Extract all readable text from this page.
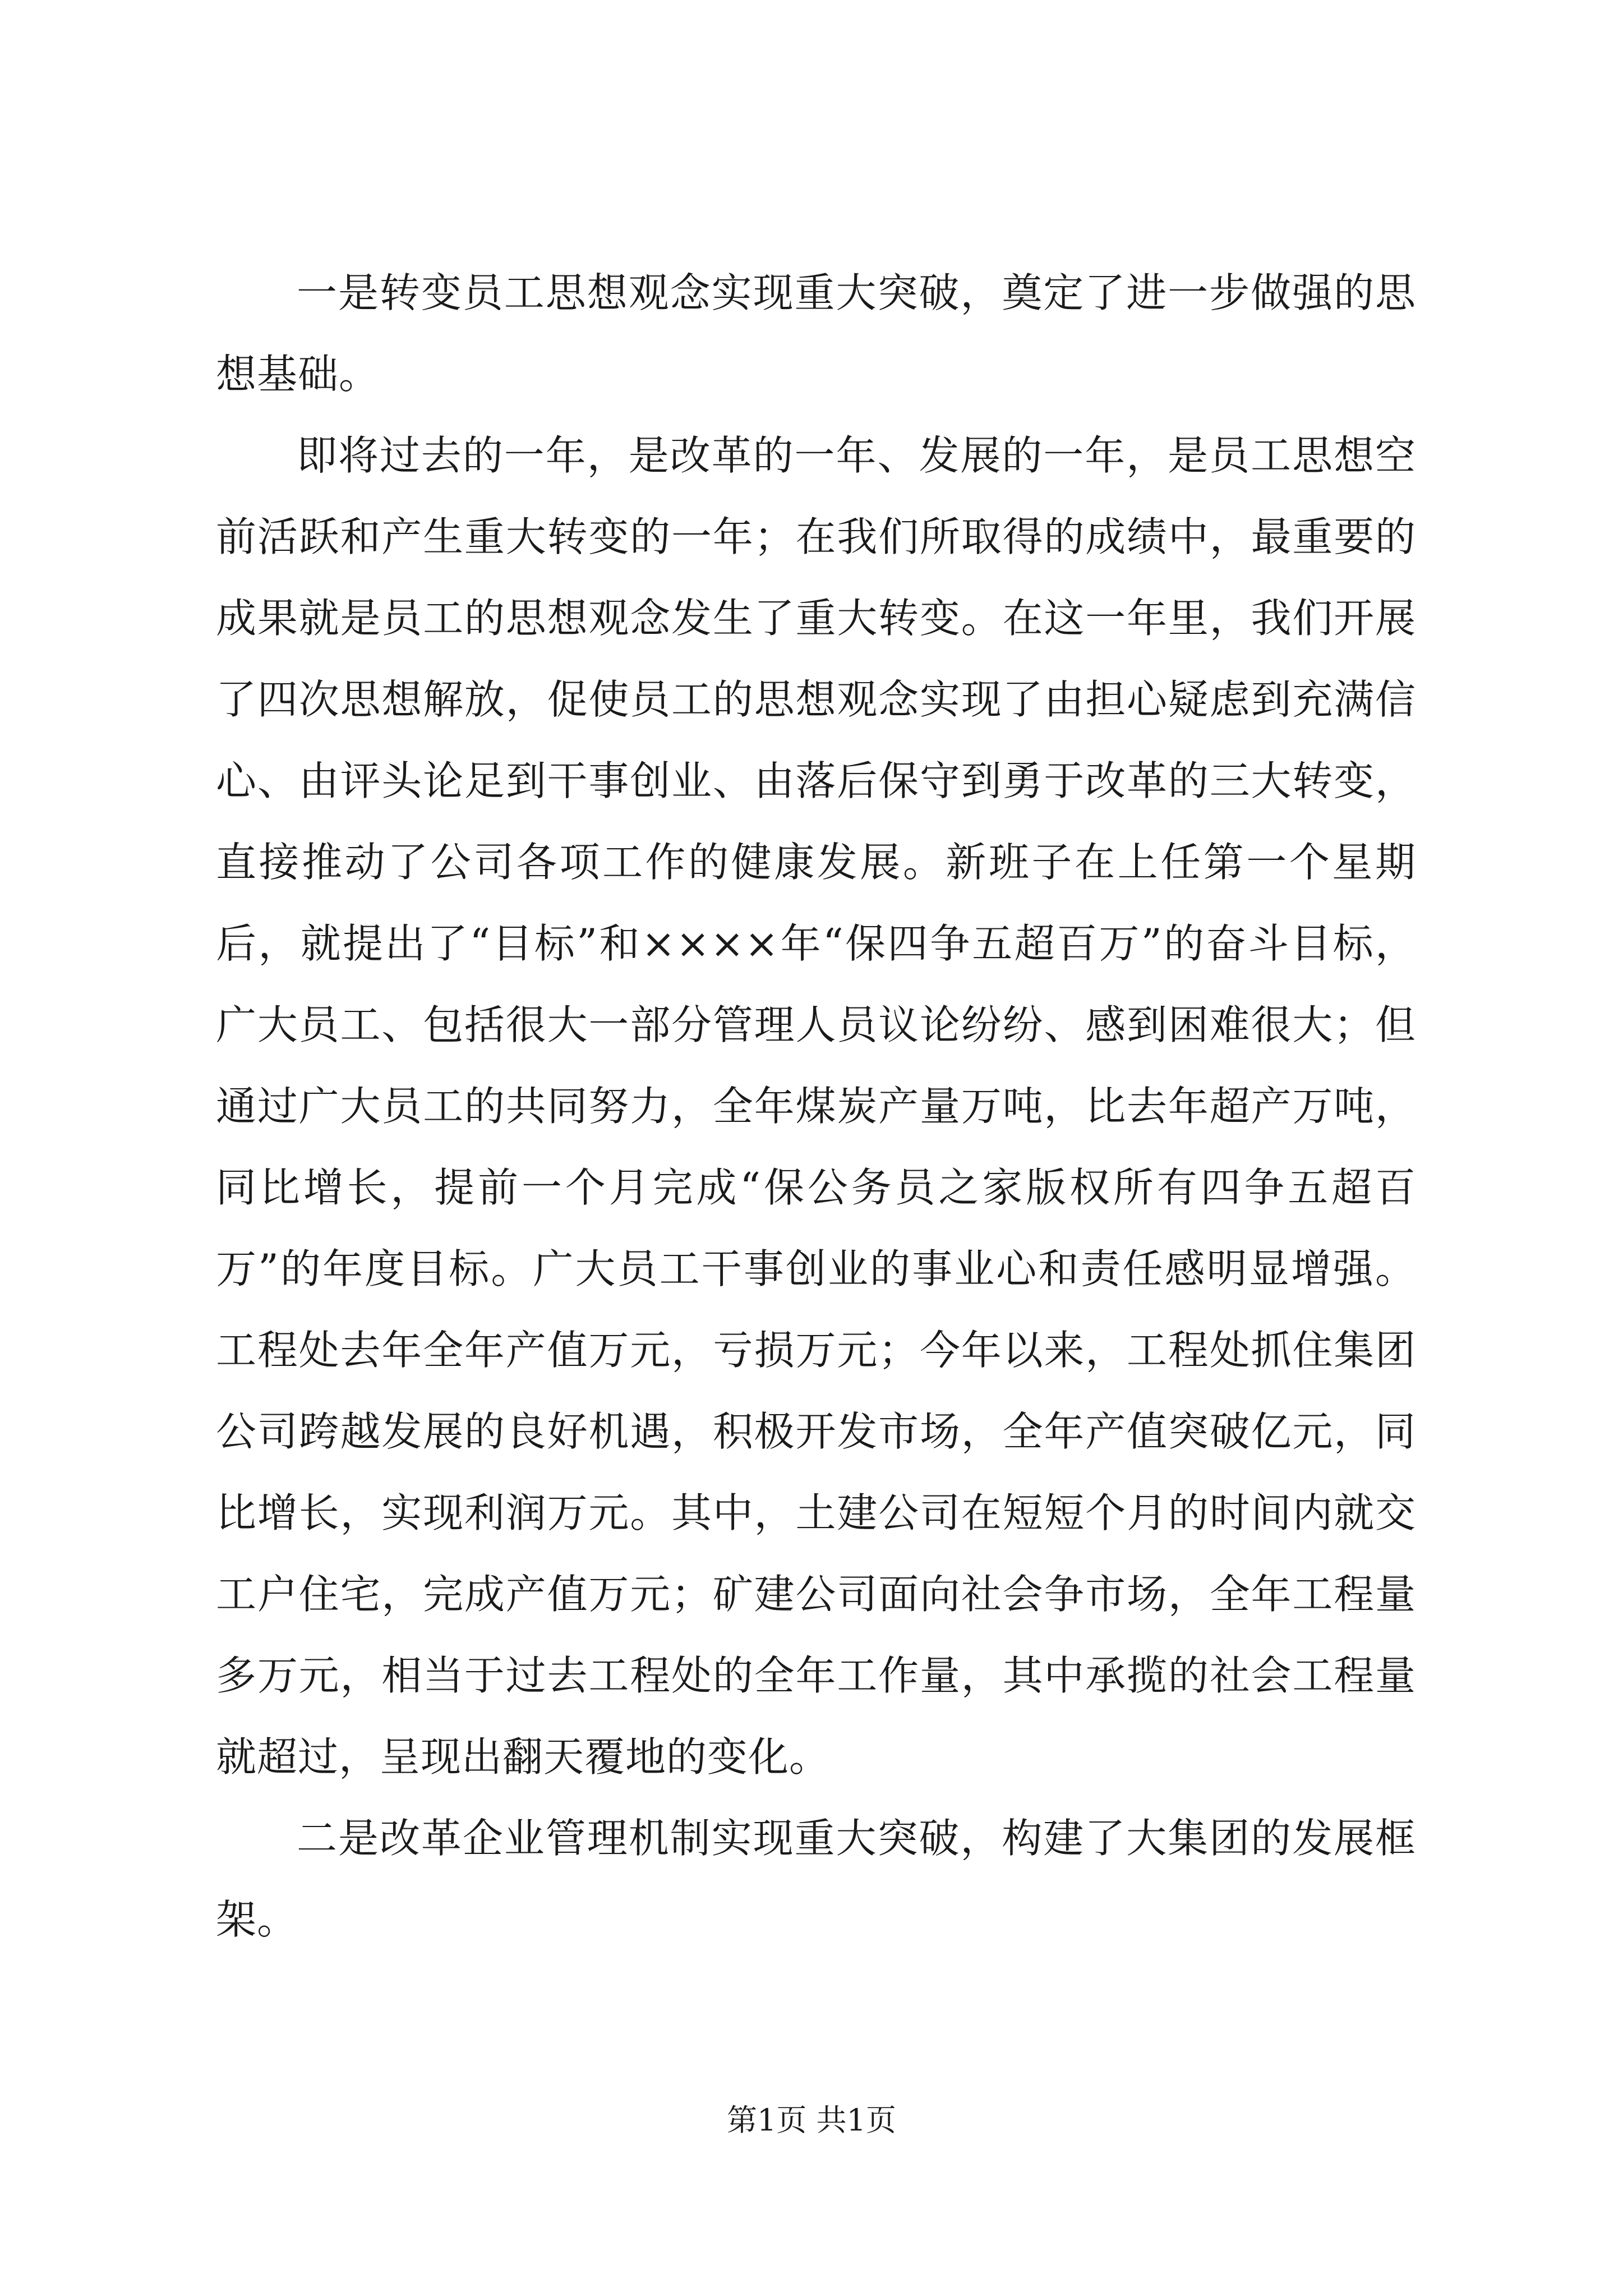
一是转变员工思想观念实现重大突破，奠定了进一步做强的思想基础。

即将过去的一年，是改革的一年、发展的一年，是员工思想空前活跃和产生重大转变的一年；在我们所取得的成绩中，最重要的成果就是员工的思想观念发生了重大转变。在这一年里，我们开展了四次思想解放，促使员工的思想观念实现了由担心疑虑到充满信心、由评头论足到干事创业、由落后保守到勇于改革的三大转变，直接推动了公司各项工作的健康发展。新班子在上任第一个星期后，就提出了“目标”和××××年“保四争五超百万”的奋斗目标，广大员工、包括很大一部分管理人员议论纷纷、感到困难很大；但通过广大员工的共同努力，全年煤炭产量万吨，比去年超产万吨，同比增长，提前一个月完成“保公务员之家版权所有四争五超百万”的年度目标。广大员工干事创业的事业心和责任感明显增强。工程处去年全年产值万元，亏损万元；今年以来，工程处抓住集团公司跨越发展的良好机遇，积极开发市场，全年产值突破亿元，同比增长，实现利润万元。其中，土建公司在短短个月的时间内就交工户住宅，完成产值万元；矿建公司面向社会争市场，全年工程量多万元，相当于过去工程处的全年工作量，其中承揽的社会工程量就超过，呈现出翻天覆地的变化。

二是改革企业管理机制实现重大突破，构建了大集团的发展框架。

第1页 共1页
